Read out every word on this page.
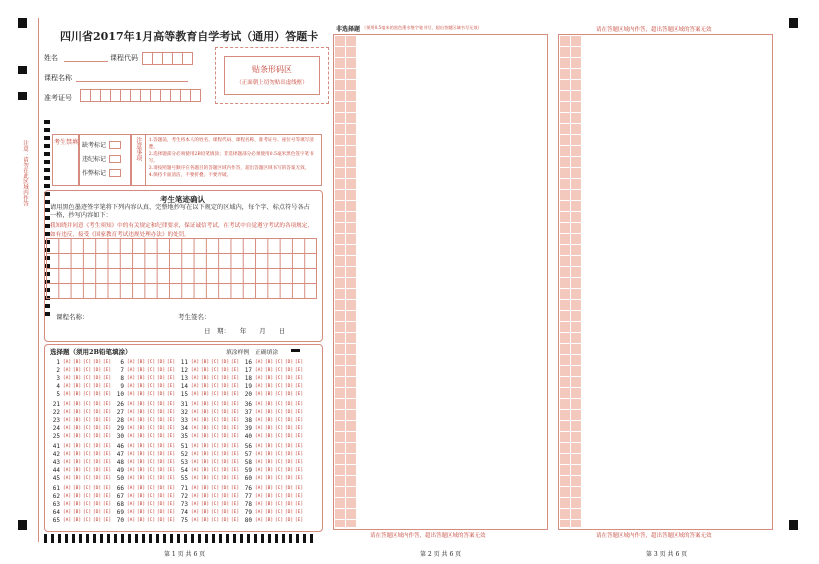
四川省2017年1月高等教育自学考试（通用）答题卡
姓名	课程代码
课程名称
准考证号
贴条形码区
（正面朝上切勿贴出虚线框）
注意：请勿在此区域内作答	考生禁填 缺考标记
违纪标记
作弊标记
注意事项	1.答题前，考生将本人的姓名、课程代码、课程名称、准考证号、座位号等填写清楚。
2.选择题部分必须使用2B铅笔填涂；非选择题部分必须使用0.5毫米黑色签字笔书写。
3.请按照题号顺序在各题目的答题区域内作答，超出答题区域书写的答案无效。
4.保持卡面清洁，不要折叠、不要弄破。
考生笔迹确认
请用黑色墨迹签字笔将下列内容认真、完整地抄写在以下规定的区域内，每个字、标点符号各占一格，抄写内容如下：
我知晓并同意《考生须知》中的有关规定和纪律要求，保证诚信考试，在考试中自觉遵守考试的各项规定，如有违反，接受《国家教育考试违规处理办法》的处罚。
课程名称：	考生签名：
日　期：　　年　　月　　日
选择题（须用2B铅笔填涂）	填涂样例　正确填涂
1 [A] [B] [C] [D] [E]
2 [A] [B] [C] [D] [E]
3 [A] [B] [C] [D] [E]
4 [A] [B] [C] [D] [E]
5 [A] [B] [C] [D] [E]
6 [A] [B] [C] [D] [E]
7 [A] [B] [C] [D] [E]
8 [A] [B] [C] [D] [E]
9 [A] [B] [C] [D] [E]
10 [A] [B] [C] [D] [E]
11 [A] [B] [C] [D] [E]
12 [A] [B] [C] [D] [E]
13 [A] [B] [C] [D] [E]
14 [A] [B] [C] [D] [E]
15 [A] [B] [C] [D] [E]
16 [A] [B] [C] [D] [E]
17 [A] [B] [C] [D] [E]
18 [A] [B] [C] [D] [E]
19 [A] [B] [C] [D] [E]
20 [A] [B] [C] [D] [E]
21 [A] [B] [C] [D] [E]
22 [A] [B] [C] [D] [E]
23 [A] [B] [C] [D] [E]
24 [A] [B] [C] [D] [E]
25 [A] [B] [C] [D] [E]
26 [A] [B] [C] [D] [E]
27 [A] [B] [C] [D] [E]
28 [A] [B] [C] [D] [E]
29 [A] [B] [C] [D] [E]
30 [A] [B] [C] [D] [E]
31 [A] [B] [C] [D] [E]
32 [A] [B] [C] [D] [E]
33 [A] [B] [C] [D] [E]
34 [A] [B] [C] [D] [E]
35 [A] [B] [C] [D] [E]
36 [A] [B] [C] [D] [E]
37 [A] [B] [C] [D] [E]
38 [A] [B] [C] [D] [E]
39 [A] [B] [C] [D] [E]
40 [A] [B] [C] [D] [E]
41 [A] [B] [C] [D] [E]
42 [A] [B] [C] [D] [E]
43 [A] [B] [C] [D] [E]
44 [A] [B] [C] [D] [E]
45 [A] [B] [C] [D] [E]
46 [A] [B] [C] [D] [E]
47 [A] [B] [C] [D] [E]
48 [A] [B] [C] [D] [E]
49 [A] [B] [C] [D] [E]
50 [A] [B] [C] [D] [E]
51 [A] [B] [C] [D] [E]
52 [A] [B] [C] [D] [E]
53 [A] [B] [C] [D] [E]
54 [A] [B] [C] [D] [E]
55 [A] [B] [C] [D] [E]
56 [A] [B] [C] [D] [E]
57 [A] [B] [C] [D] [E]
58 [A] [B] [C] [D] [E]
59 [A] [B] [C] [D] [E]
60 [A] [B] [C] [D] [E]
61 [A] [B] [C] [D] [E]
62 [A] [B] [C] [D] [E]
63 [A] [B] [C] [D] [E]
64 [A] [B] [C] [D] [E]
65 [A] [B] [C] [D] [E]
66 [A] [B] [C] [D] [E]
67 [A] [B] [C] [D] [E]
68 [A] [B] [C] [D] [E]
69 [A] [B] [C] [D] [E]
70 [A] [B] [C] [D] [E]
71 [A] [B] [C] [D] [E]
72 [A] [B] [C] [D] [E]
73 [A] [B] [C] [D] [E]
74 [A] [B] [C] [D] [E]
75 [A] [B] [C] [D] [E]
76 [A] [B] [C] [D] [E]
77 [A] [B] [C] [D] [E]
78 [A] [B] [C] [D] [E]
79 [A] [B] [C] [D] [E]
80 [A] [B] [C] [D] [E]
非选择题 （须用0.5毫米的黑色墨水签字笔书写，超出答题区域书写无效）
请在答题区域内作答，超出答题区域的答案无效
请在答题区域内作答，超出答题区域的答案无效
请在答题区域内作答，超出答题区域的答案无效
第 1 页 共 6 页	第 2 页 共 6 页	第 3 页 共 6 页
